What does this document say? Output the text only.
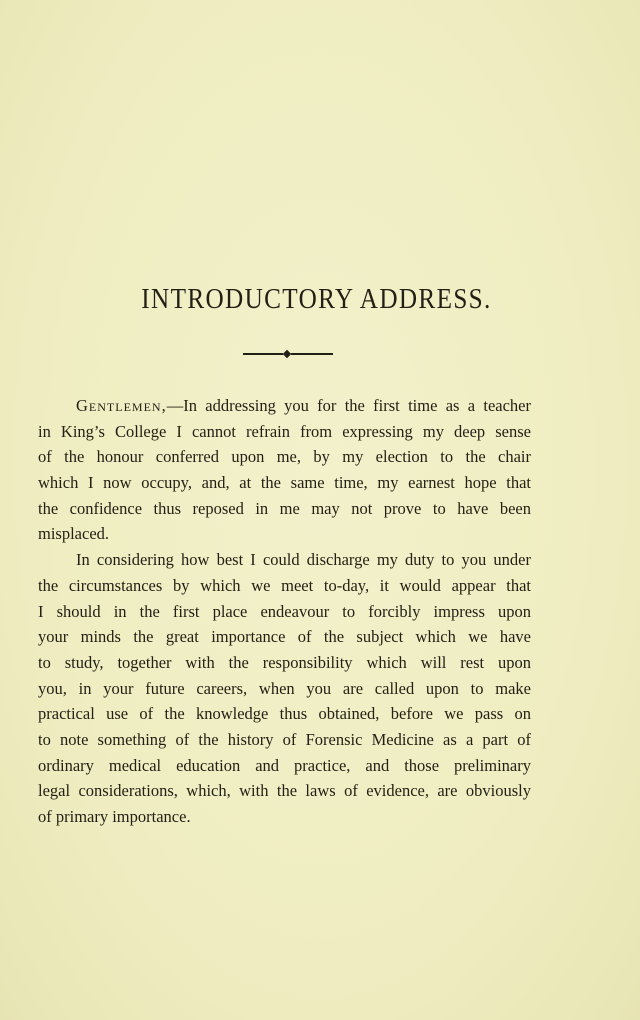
INTRODUCTORY ADDRESS.
Gentlemen,—In addressing you for the first time as a teacher
in King’s College I cannot refrain from expressing my deep sense
of the honour conferred upon me, by my election to the chair
which I now occupy, and, at the same time, my earnest hope that
the confidence thus reposed in me may not prove to have been
misplaced.
In considering how best I could discharge my duty to you under
the circumstances by which we meet to-day, it would appear that
I should in the first place endeavour to forcibly impress upon
your minds the great importance of the subject which we have
to study, together with the responsibility which will rest upon
you, in your future careers, when you are called upon to make
practical use of the knowledge thus obtained, before we pass on
to note something of the history of Forensic Medicine as a part of
ordinary medical education and practice, and those preliminary
legal considerations, which, with the laws of evidence, are obviously
of primary importance.
